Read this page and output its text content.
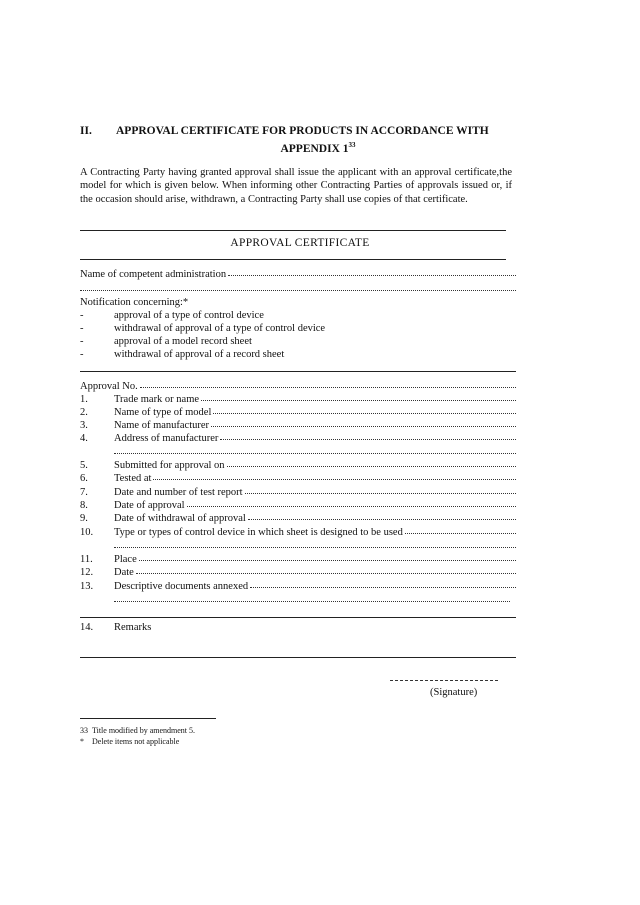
II. APPROVAL CERTIFICATE FOR PRODUCTS IN ACCORDANCE WITH
APPENDIX $1^{33}$
A Contracting Party having granted approval shall issue the applicant with an approval certificate,the model for which is given below. When informing other Contracting Parties of approvals issued or, if the occasion should arise, withdrawn, a Contracting Party shall use copies of that certificate.
APPROVAL CERTIFICATE
Name of competent administration
Notification concerning:*
-	approval of a type of control device
-	withdrawal of approval of a type of control device
-	approval of a model record sheet
-	withdrawal of approval of a record sheet
Approval No.
1.	Trade mark or name
2.	Name of type of model
3.	Name of manufacturer
4.	Address of manufacturer
5.	Submitted for approval on
6.	Tested at
7.	Date and number of test report
8.	Date of approval
9.	Date of withdrawal of approval
10.	Type or types of control device in which sheet is designed to be used
11.	Place
12.	Date
13.	Descriptive documents annexed
14.	Remarks
(Signature)
33 Title modified by amendment 5.
* Delete items not applicable
